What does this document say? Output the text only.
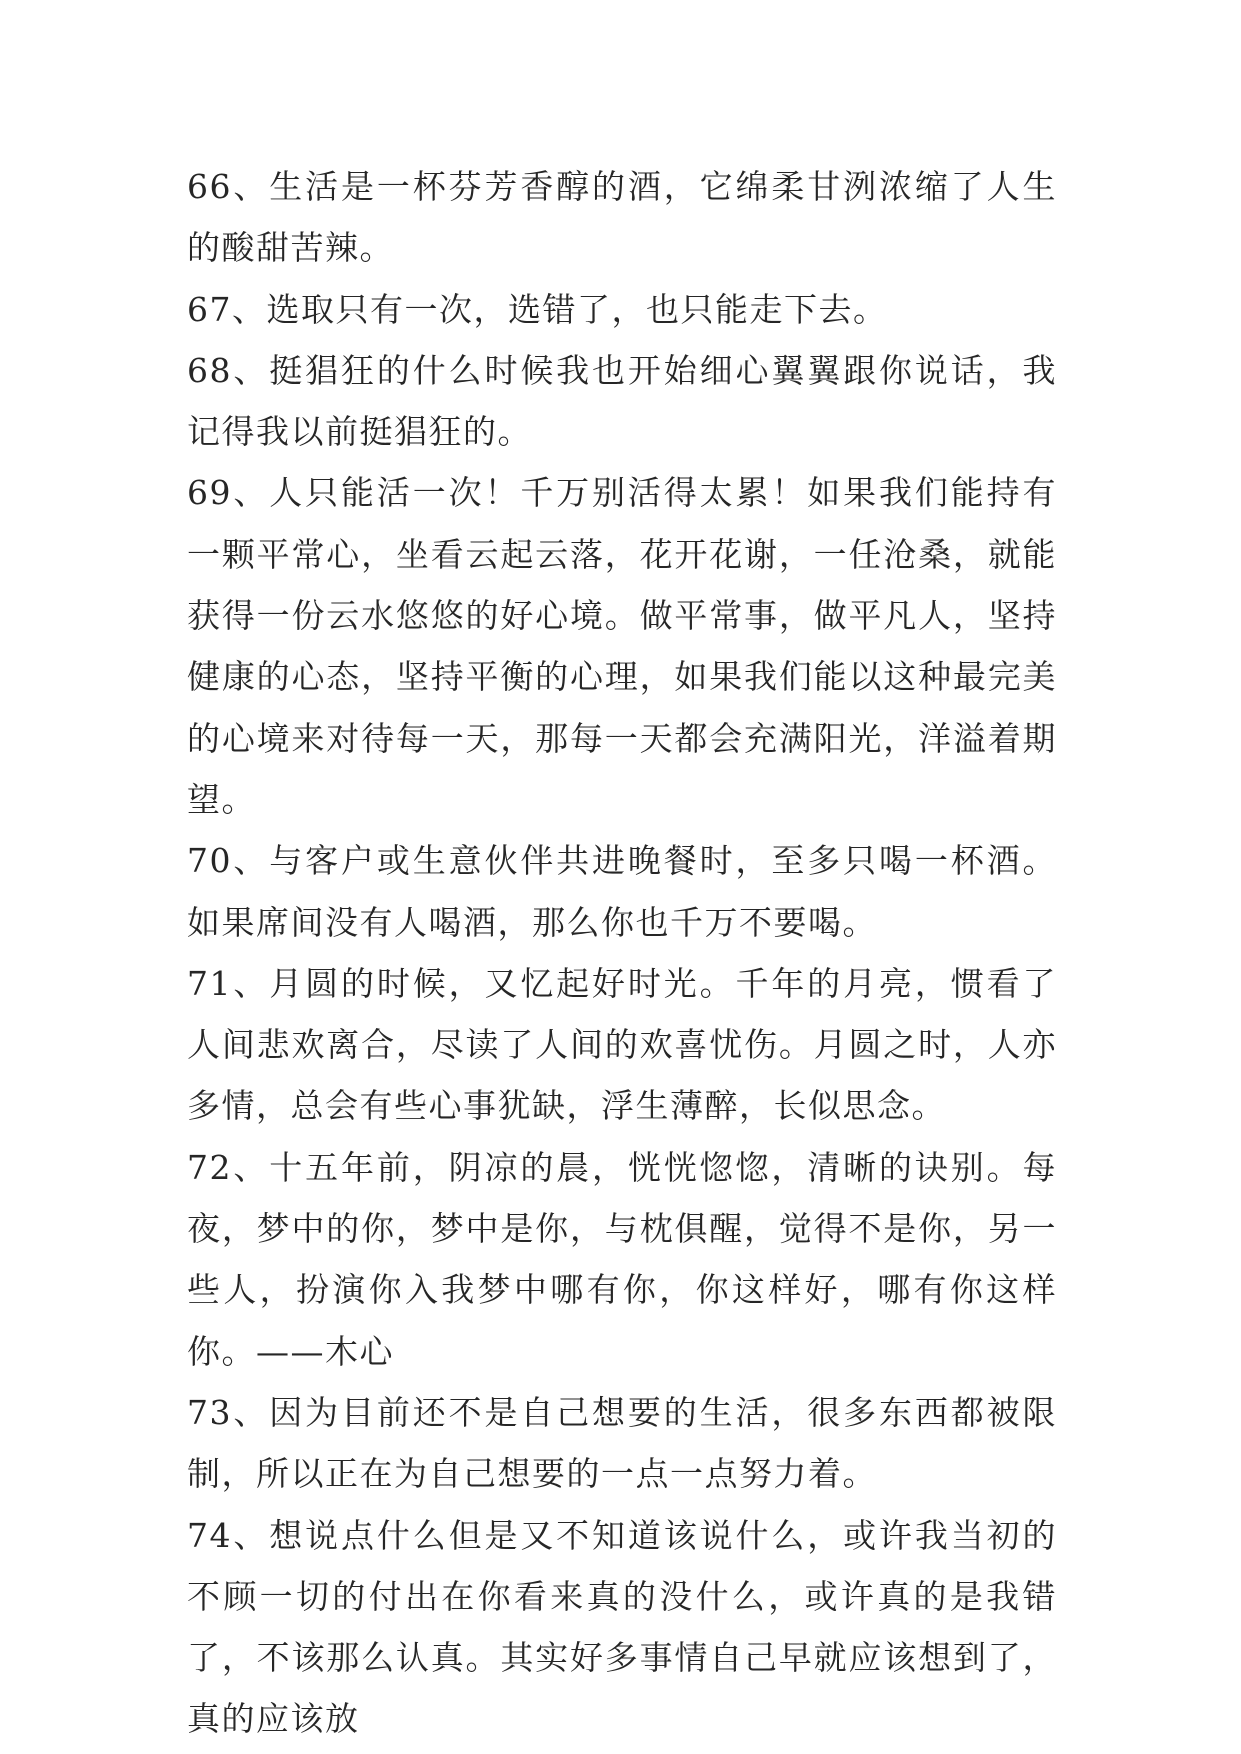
66、生活是一杯芬芳香醇的酒，它绵柔甘洌浓缩了人生的酸甜苦辣。

67、选取只有一次，选错了，也只能走下去。

68、挺猖狂的什么时候我也开始细心翼翼跟你说话，我记得我以前挺猖狂的。

69、人只能活一次！千万别活得太累！如果我们能持有一颗平常心，坐看云起云落，花开花谢，一任沧桑，就能获得一份云水悠悠的好心境。做平常事，做平凡人，坚持健康的心态，坚持平衡的心理，如果我们能以这种最完美的心境来对待每一天，那每一天都会充满阳光，洋溢着期望。

70、与客户或生意伙伴共进晚餐时，至多只喝一杯酒。如果席间没有人喝酒，那么你也千万不要喝。

71、月圆的时候，又忆起好时光。千年的月亮，惯看了人间悲欢离合，尽读了人间的欢喜忧伤。月圆之时，人亦多情，总会有些心事犹缺，浮生薄醉，长似思念。

72、十五年前，阴凉的晨，恍恍惚惚，清晰的诀别。每夜，梦中的你，梦中是你，与枕俱醒，觉得不是你，另一些人，扮演你入我梦中哪有你，你这样好，哪有你这样你。——木心

73、因为目前还不是自己想要的生活，很多东西都被限制，所以正在为自己想要的一点一点努力着。

74、想说点什么但是又不知道该说什么，或许我当初的不顾一切的付出在你看来真的没什么，或许真的是我错了，不该那么认真。其实好多事情自己早就应该想到了，真的应该放
